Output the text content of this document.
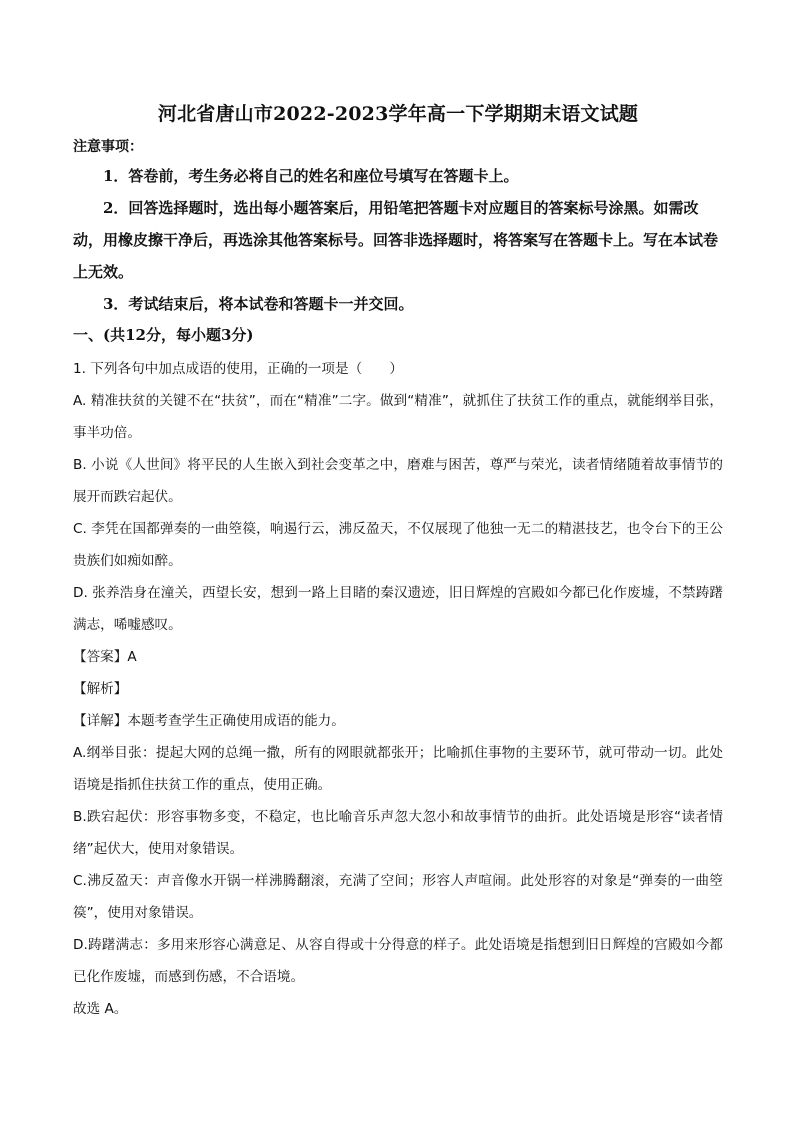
河北省唐山市2022-2023学年高一下学期期末语文试题

注意事项：

1．答卷前，考生务必将自己的姓名和座位号填写在答题卡上。

2．回答选择题时，选出每小题答案后，用铅笔把答题卡对应题目的答案标号涂黑。如需改动，用橡皮擦干净后，再选涂其他答案标号。回答非选择题时，将答案写在答题卡上。写在本试卷上无效。

3．考试结束后，将本试卷和答题卡一并交回。

一、(共12分，每小题3分)

1. 下列各句中加点成语的使用，正确的一项是（　　）

A. 精准扶贫的关键不在“扶贫”，而在“精准”二字。做到“精准”，就抓住了扶贫工作的重点，就能纲举目张，事半功倍。

B. 小说《人世间》将平民的人生嵌入到社会变革之中，磨难与困苦，尊严与荣光，读者情绪随着故事情节的展开而跌宕起伏。

C. 李凭在国都弹奏的一曲箜篌，响遏行云，沸反盈天，不仅展现了他独一无二的精湛技艺，也令台下的王公贵族们如痴如醉。

D. 张养浩身在潼关，西望长安，想到一路上目睹的秦汉遗迹，旧日辉煌的宫殿如今都已化作废墟，不禁踌躇满志，唏嘘感叹。

【答案】A

【解析】

【详解】本题考查学生正确使用成语的能力。

A.纲举目张：提起大网的总绳一撒，所有的网眼就都张开；比喻抓住事物的主要环节，就可带动一切。此处语境是指抓住扶贫工作的重点，使用正确。

B.跌宕起伏：形容事物多变，不稳定，也比喻音乐声忽大忽小和故事情节的曲折。此处语境是形容“读者情绪”起伏大，使用对象错误。

C.沸反盈天：声音像水开锅一样沸腾翻滚，充满了空间；形容人声喧闹。此处形容的对象是“弹奏的一曲箜篌”，使用对象错误。

D.踌躇满志：多用来形容心满意足、从容自得或十分得意的样子。此处语境是指想到旧日辉煌的宫殿如今都已化作废墟，而感到伤感，不合语境。

故选 A。
